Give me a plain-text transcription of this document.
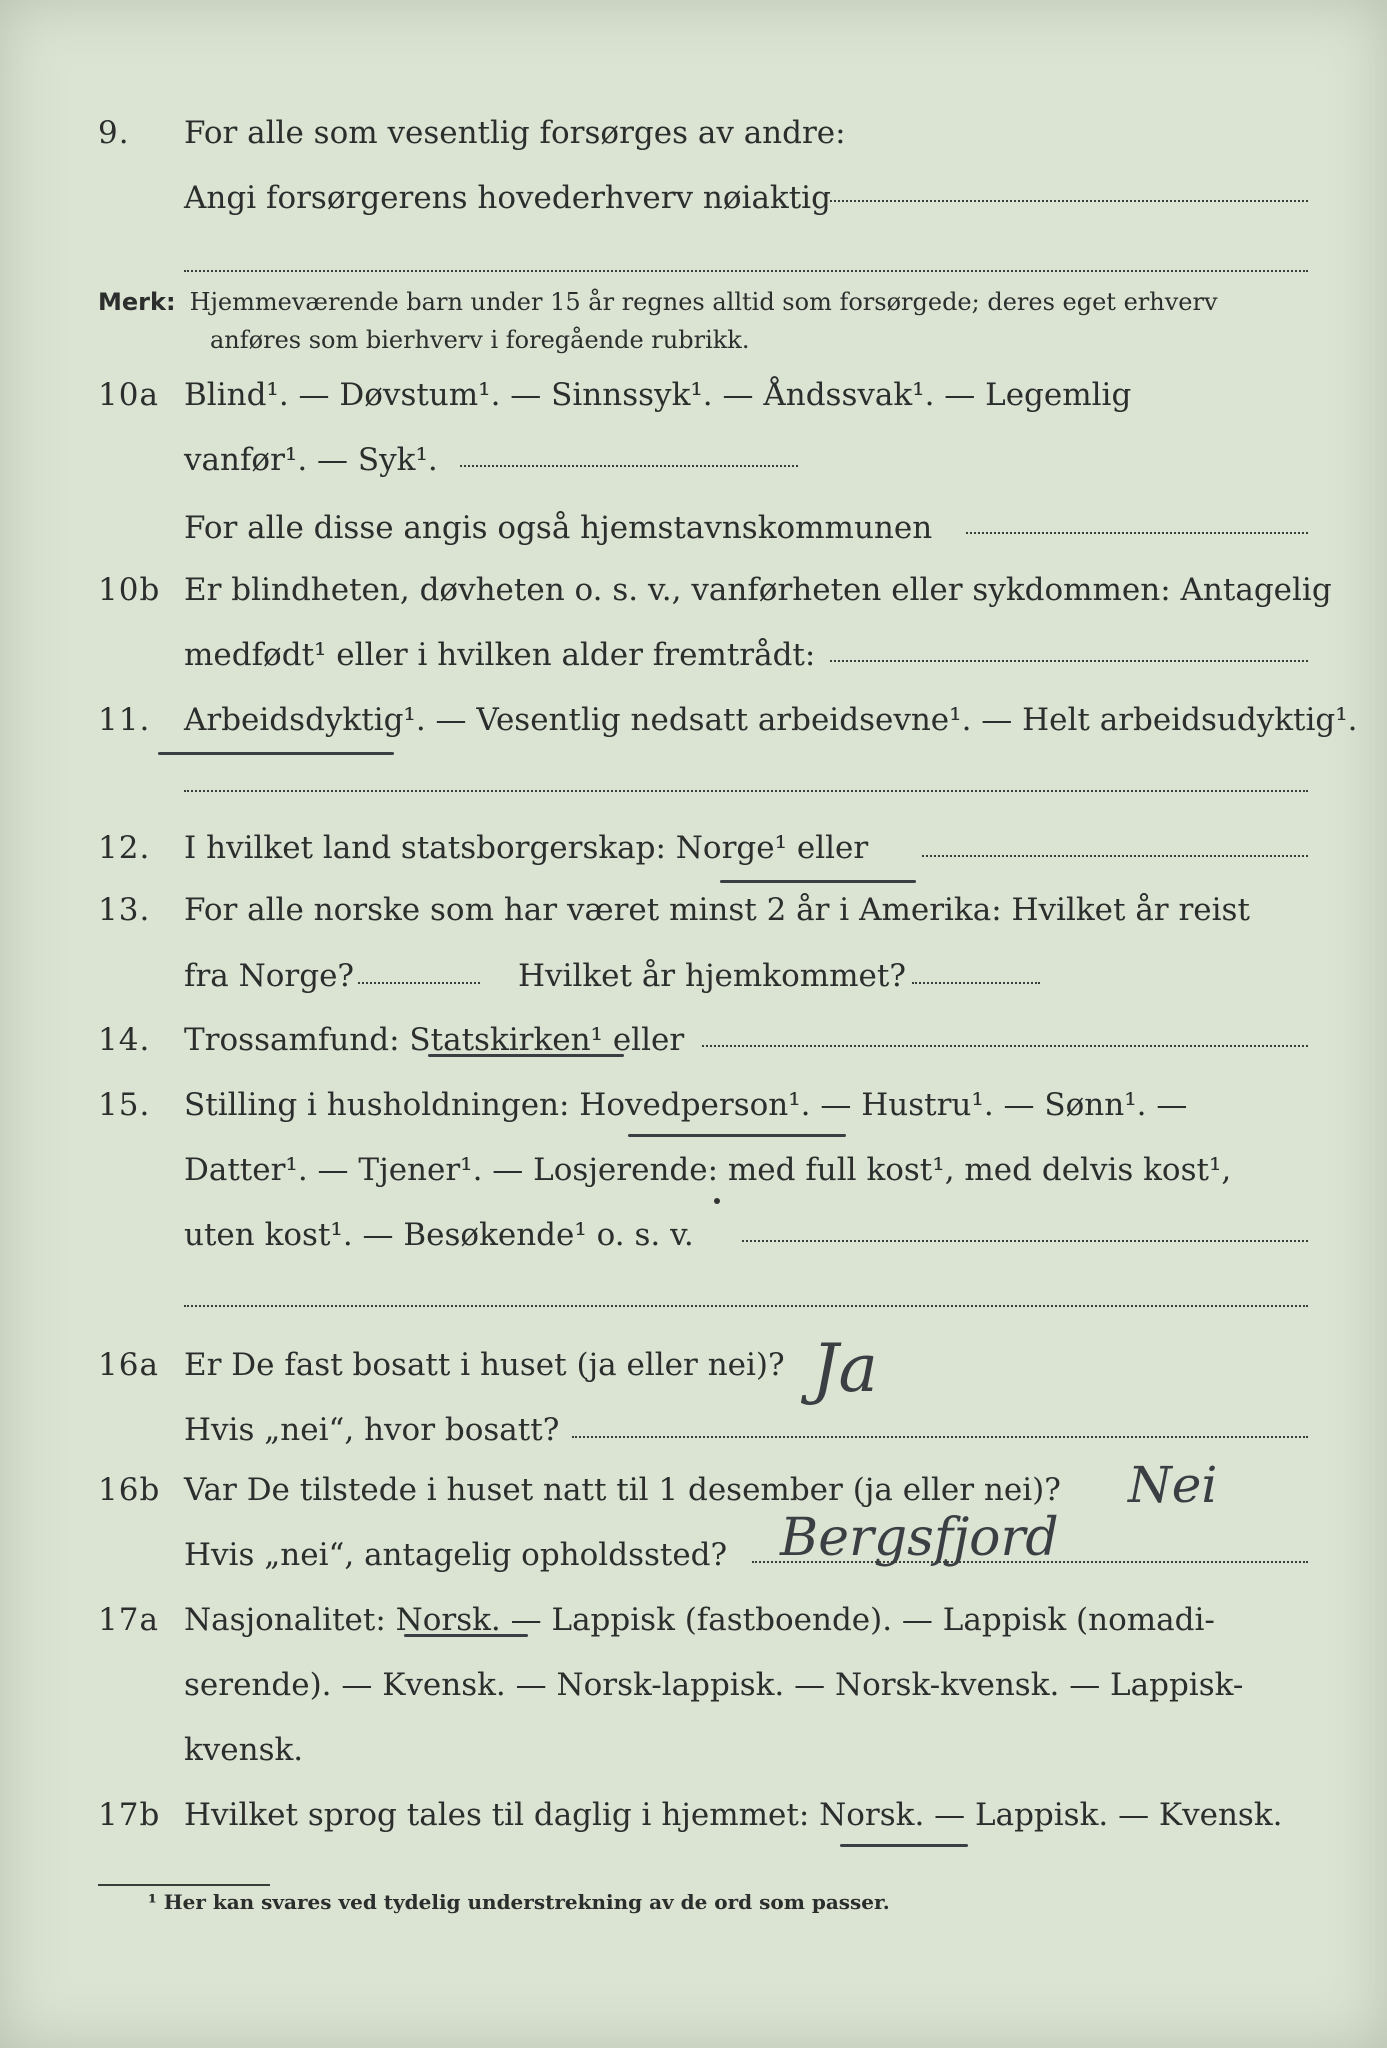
9. For alle som vesentlig forsørges av andre:
Angi forsørgerens hovederhverv nøiaktig
Merk: Hjemmeværende barn under 15 år regnes alltid som forsørgede; deres eget erhverv
anføres som bierhverv i foregående rubrikk.
10a Blind¹. — Døvstum¹. — Sinnssyk¹. — Åndssvak¹. — Legemlig
vanfør¹. — Syk¹.
For alle disse angis også hjemstavnskommunen
10b Er blindheten, døvheten o. s. v., vanførheten eller sykdommen: Antagelig
medfødt¹ eller i hvilken alder fremtrådt:
11. Arbeidsdyktig¹. — Vesentlig nedsatt arbeidsevne¹. — Helt arbeidsudyktig¹.
12. I hvilket land statsborgerskap: Norge¹ eller
13. For alle norske som har været minst 2 år i Amerika: Hvilket år reist
fra Norge?	Hvilket år hjemkommet?
14. Trossamfund: Statskirken¹ eller
15. Stilling i husholdningen: Hovedperson¹. — Hustru¹. — Sønn¹. —
Datter¹. — Tjener¹. — Losjerende: med full kost¹, med delvis kost¹,
uten kost¹. — Besøkende¹ o. s. v.
16a Er De fast bosatt i huset (ja eller nei)? Ja
Hvis „nei“, hvor bosatt?
16b Var De tilstede i huset natt til 1 desember (ja eller nei)? Nei
Hvis „nei“, antagelig opholdssted? Bergsfjord
17a Nasjonalitet: Norsk. — Lappisk (fastboende). — Lappisk (nomadi-
serende). — Kvensk. — Norsk-lappisk. — Norsk-kvensk. — Lappisk-
kvensk.
17b Hvilket sprog tales til daglig i hjemmet: Norsk. — Lappisk. — Kvensk.
¹ Her kan svares ved tydelig understrekning av de ord som passer.
